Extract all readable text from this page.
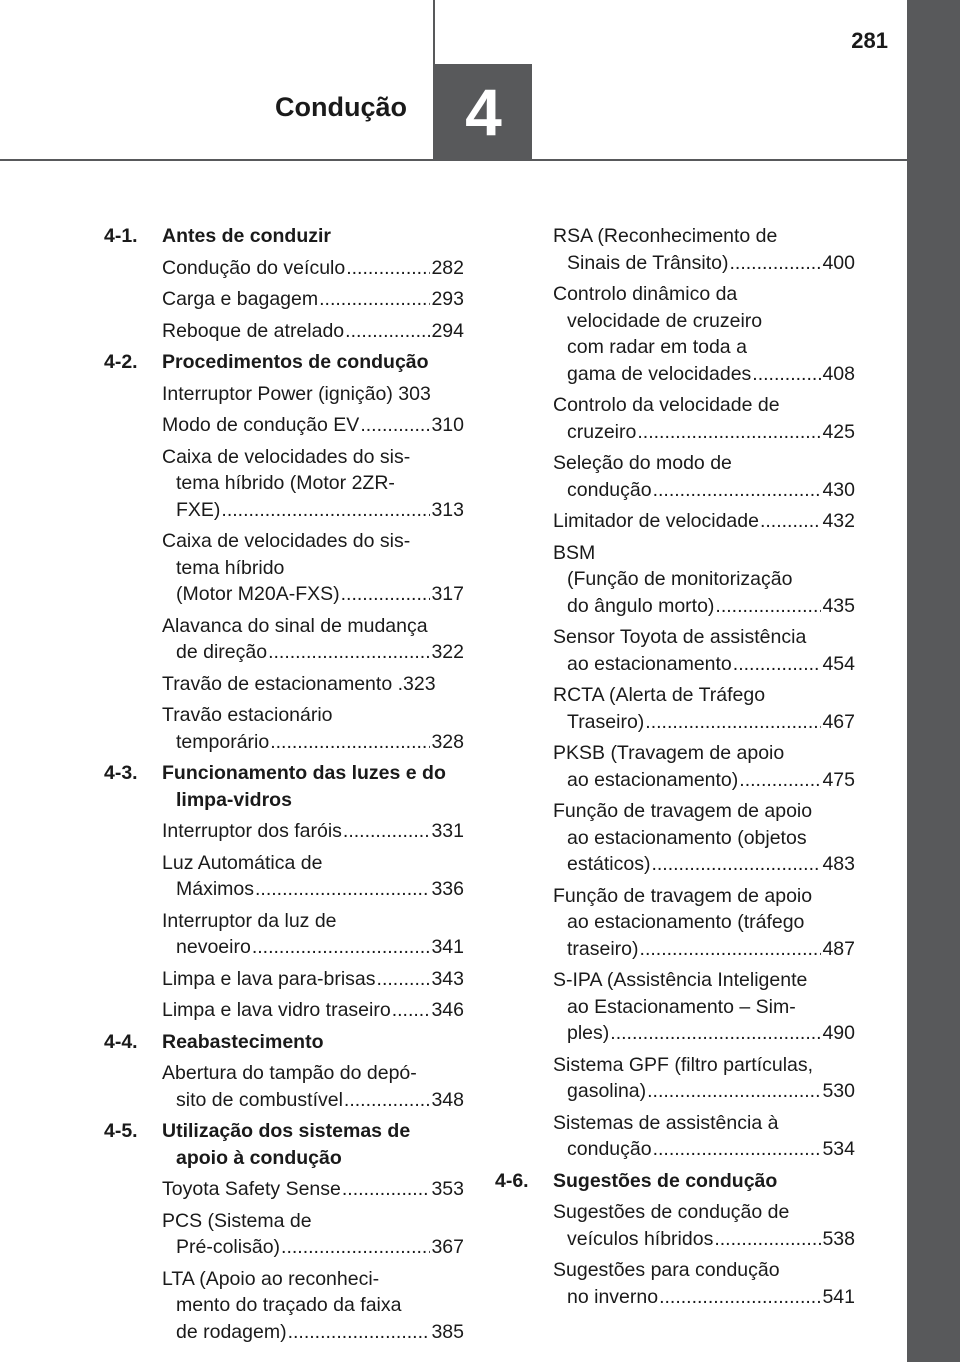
4
281
Condução
4-1.	Antes de conduzir
Condução do veículo .....	282
Carga e bagagem .....	293
Reboque de atrelado .....	294
4-2.	Procedimentos de condução
Interruptor Power (ignição) 303
Modo de condução EV .....	310
Caixa de velocidades do sis-
tema híbrido (Motor 2ZR-
FXE) .....	313
Caixa de velocidades do sis-
tema híbrido
(Motor M20A-FXS) .....	317
Alavanca do sinal de mudança
de direção .....	322
Travão de estacionamento .323
Travão estacionário
temporário .....	328
4-3.	Funcionamento das luzes e do limpa-vidros
Interruptor dos faróis .....	331
Luz Automática de
Máximos .....	336
Interruptor da luz de
nevoeiro .....	341
Limpa e lava para-brisas .....	343
Limpa e lava vidro traseiro ..... 346
4-4.	Reabastecimento
Abertura do tampão do depó-
sito de combustível .....	348
4-5.	Utilização dos sistemas de apoio à condução
Toyota Safety Sense .....	353
PCS (Sistema de
Pré-colisão) .....	367
LTA (Apoio ao reconheci-
mento do traçado da faixa
de rodagem) .....	385
RSA (Reconhecimento de
Sinais de Trânsito) .....	400
Controlo dinâmico da
velocidade de cruzeiro
com radar em toda a
gama de velocidades .....	408
Controlo da velocidade de
cruzeiro .....	425
Seleção do modo de
condução .....	430
Limitador de velocidade .....	432
BSM
(Função de monitorização
do ângulo morto) .....	435
Sensor Toyota de assistência
ao estacionamento .....	454
RCTA (Alerta de Tráfego
Traseiro) .....	467
PKSB (Travagem de apoio
ao estacionamento) .....	475
Função de travagem de apoio
ao estacionamento (objetos
estáticos) .....	483
Função de travagem de apoio
ao estacionamento (tráfego
traseiro) .....	487
S-IPA (Assistência Inteligente
ao Estacionamento – Sim-
ples) .....	490
Sistema GPF (filtro partículas,
gasolina) .....	530
Sistemas de assistência à
condução .....	534
4-6.	Sugestões de condução
Sugestões de condução de
veículos híbridos .....	538
Sugestões para condução
no inverno .....	541
